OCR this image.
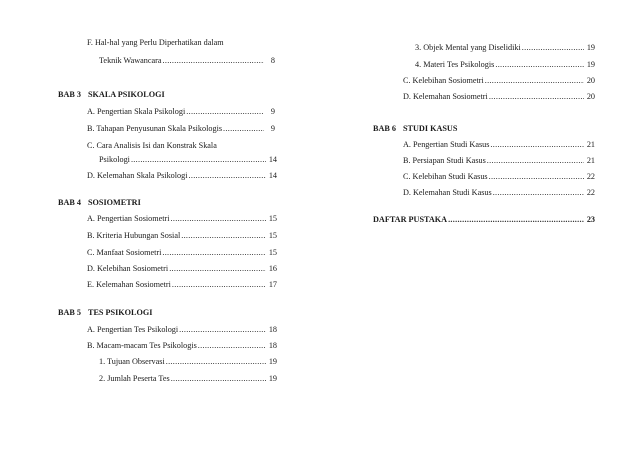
F. Hal-hal yang Perlu Diperhatikan dalam
Teknik Wawancara .....	8
BAB 3 SKALA PSIKOLOGI
A. Pengertian Skala Psikologi .....	9
B. Tahapan Penyusunan Skala Psikologis .....	9
C. Cara Analisis Isi dan Konstrak Skala
Psikologi .....	14
D. Kelemahan Skala Psikologi .....	14
BAB 4 SOSIOMETRI
A. Pengertian Sosiometri .....	15
B. Kriteria Hubungan Sosial .....	15
C. Manfaat Sosiometri .....	15
D. Kelebihan Sosiometri .....	16
E. Kelemahan Sosiometri .....	17
BAB 5 TES PSIKOLOGI
A. Pengertian Tes Psikologi .....	18
B. Macam-macam Tes Psikologis .....	18
1. Tujuan Observasi .....	19
2. Jumlah Peserta Tes .....	19
3. Objek Mental yang Diselidiki .....	19
4. Materi Tes Psikologis .....	19
C. Kelebihan Sosiometri .....	20
D. Kelemahan Sosiometri .....	20
BAB 6 STUDI KASUS
A. Pengertian Studi Kasus .....	21
B. Persiapan Studi Kasus .....	21
C. Kelebihan Studi Kasus .....	22
D. Kelemahan Studi Kasus .....	22
DAFTAR PUSTAKA .....	23
